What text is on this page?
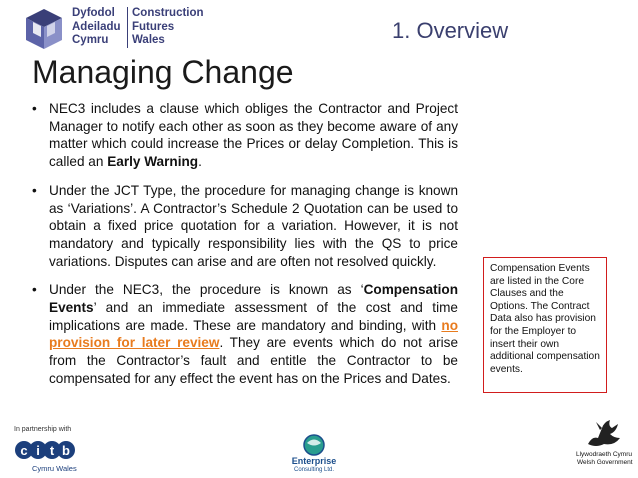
Dyfodol
Adeiladu
Cymru
Construction
Futures
Wales	1. Overview
Managing Change
• NEC3 includes a clause which obliges the Contractor and Project Manager to notify each other as soon as they become aware of any matter which could increase the Prices or delay Completion. This is called an Early Warning.
• Under the JCT Type, the procedure for managing change is known as ‘Variations’. A Contractor’s Schedule 2 Quotation can be used to obtain a fixed price quotation for a variation. However, it is not mandatory and typically responsibility lies with the QS to price variations. Disputes can arise and are often not resolved quickly.
• Under the NEC3, the procedure is known as ‘Compensation Events’ and an immediate assessment of the cost and time implications are made. These are mandatory and binding, with no provision for later review. They are events which do not arise from the Contractor’s fault and entitle the Contractor to be compensated for any effect the event has on the Prices and Dates.
Compensation Events are listed in the Core Clauses and the Options. The Contract Data also has provision for the Employer to insert their own additional compensation events.
In partnership with
c i t b
Cymru Wales
Enterprise
Consulting Ltd.
Llywodraeth Cymru
Welsh Government
